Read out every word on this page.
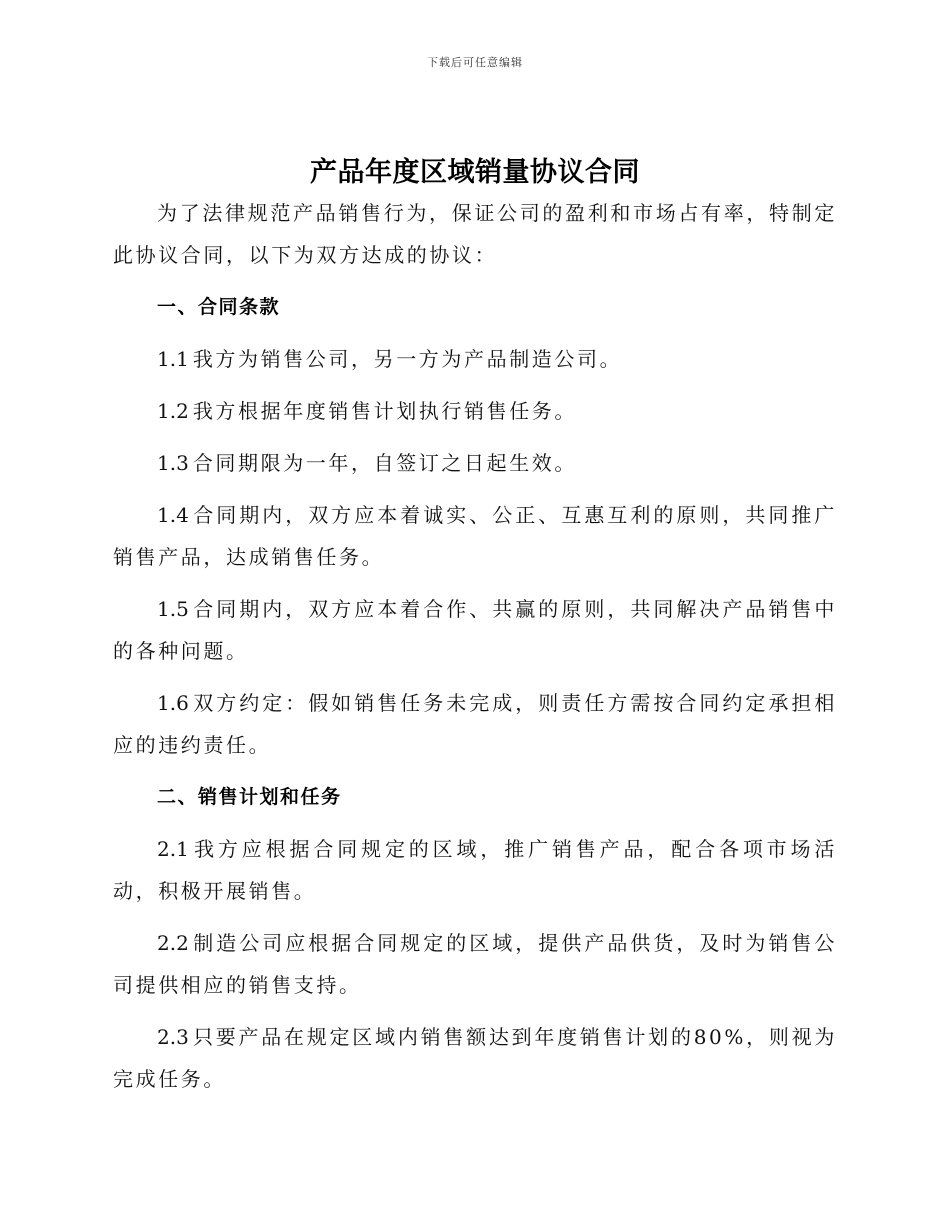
下载后可任意编辑
产品年度区域销量协议合同

为了法律规范产品销售行为，保证公司的盈利和市场占有率，特制定此协议合同，以下为双方达成的协议：

一、合同条款

1.1 我方为销售公司，另一方为产品制造公司。

1.2 我方根据年度销售计划执行销售任务。

1.3 合同期限为一年，自签订之日起生效。

1.4 合同期内，双方应本着诚实、公正、互惠互利的原则，共同推广销售产品，达成销售任务。

1.5 合同期内，双方应本着合作、共赢的原则，共同解决产品销售中的各种问题。

1.6 双方约定：假如销售任务未完成，则责任方需按合同约定承担相应的违约责任。

二、销售计划和任务

2.1 我方应根据合同规定的区域，推广销售产品，配合各项市场活动，积极开展销售。

2.2 制造公司应根据合同规定的区域，提供产品供货，及时为销售公司提供相应的销售支持。

2.3 只要产品在规定区域内销售额达到年度销售计划的80%，则视为完成任务。
